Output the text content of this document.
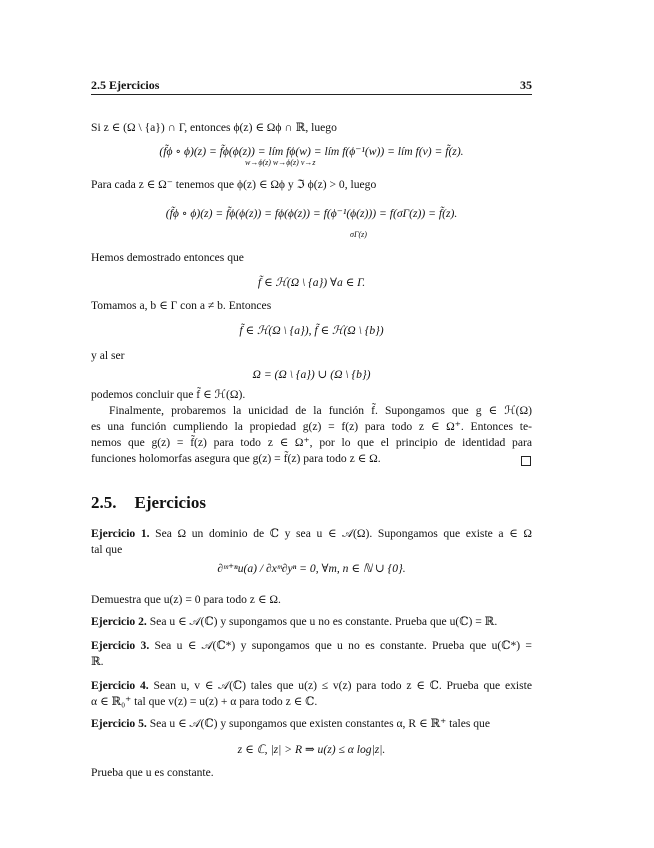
2.5 Ejercicios	35
Si z ∈ (Ω \ {a}) ∩ Γ, entonces ϕ(z) ∈ Ωϕ ∩ ℝ, luego
(f̃ϕ ∘ ϕ)(z) = f̃ϕ(ϕ(z)) = lím fϕ(w) = lím f(ϕ⁻¹(w)) = lím f(v) = f̃(z).
w→ϕ(z) w→ϕ(z) v→z
Para cada z ∈ Ω⁻ tenemos que ϕ(z) ∈ Ωϕ y ℑ ϕ(z) > 0, luego
(f̃ϕ ∘ ϕ)(z) = f̃ϕ(ϕ(z)) = fϕ(ϕ(z)) = f(ϕ⁻¹(ϕ(z))) = f(σΓ(z)) = f̃(z).
σΓ(z)
Hemos demostrado entonces que
f̃ ∈ ℋ(Ω \ {a}) ∀a ∈ Γ.
Tomamos a, b ∈ Γ con a ≠ b. Entonces
f̃ ∈ ℋ(Ω \ {a}), f̃ ∈ ℋ(Ω \ {b})
y al ser
Ω = (Ω \ {a}) ∪ (Ω \ {b})
podemos concluir que f̃ ∈ ℋ(Ω).
Finalmente, probaremos la unicidad de la función f̃. Supongamos que g ∈ ℋ(Ω)
es una función cumpliendo la propiedad g(z) = f(z) para todo z ∈ Ω⁺. Entonces te-
nemos que g(z) = f̃(z) para todo z ∈ Ω⁺, por lo que el principio de identidad para
funciones holomorfas asegura que g(z) = f̃(z) para todo z ∈ Ω.
2.5. Ejercicios
Ejercicio 1. Sea Ω un dominio de ℂ y sea u ∈ 𝒜(Ω). Supongamos que existe a ∈ Ω
tal que
∂ᵐ⁺ⁿu(a) / ∂xᵐ∂yⁿ = 0, ∀m, n ∈ ℕ ∪ {0}.
Demuestra que u(z) = 0 para todo z ∈ Ω.
Ejercicio 2. Sea u ∈ 𝒜(ℂ) y supongamos que u no es constante. Prueba que u(ℂ) = ℝ.
Ejercicio 3. Sea u ∈ 𝒜(ℂ*) y supongamos que u no es constante. Prueba que u(ℂ*) =
ℝ.
Ejercicio 4. Sean u, v ∈ 𝒜(ℂ) tales que u(z) ≤ v(z) para todo z ∈ ℂ. Prueba que existe
α ∈ ℝ₀⁺ tal que v(z) = u(z) + α para todo z ∈ ℂ.
Ejercicio 5. Sea u ∈ 𝒜(ℂ) y supongamos que existen constantes α, R ∈ ℝ⁺ tales que
z ∈ ℂ, |z| > R ⇒ u(z) ≤ α log|z|.
Prueba que u es constante.
